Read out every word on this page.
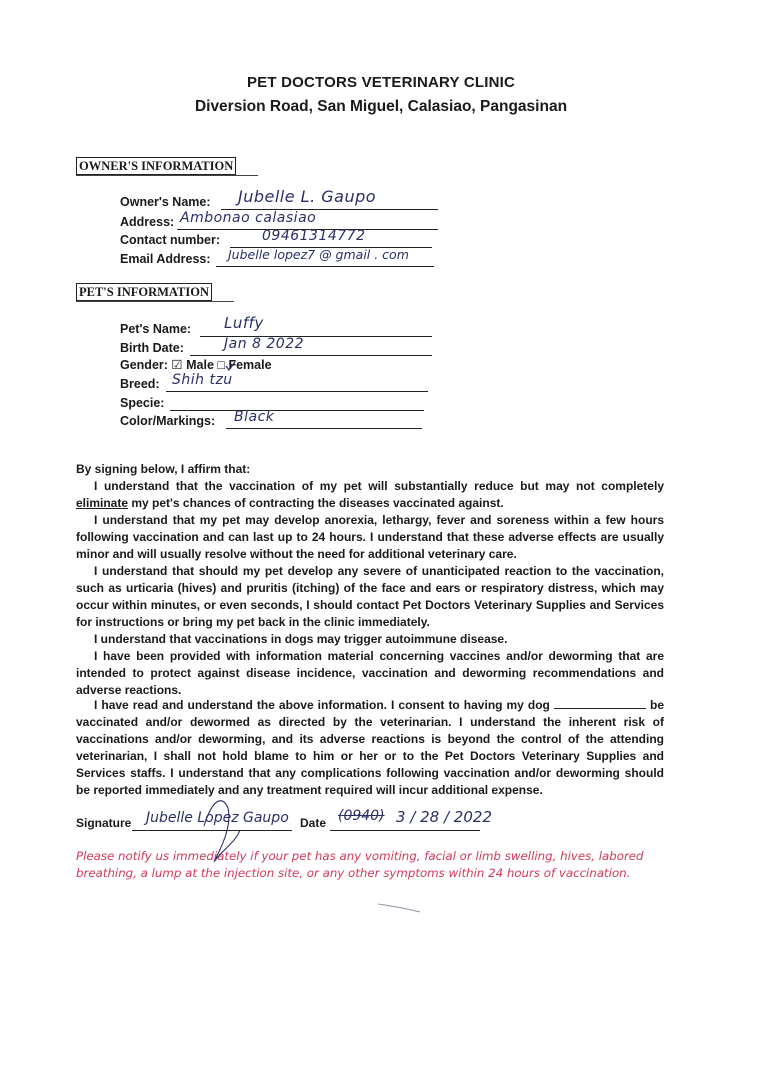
PET DOCTORS VETERINARY CLINIC
Diversion Road, San Miguel, Calasiao, Pangasinan
OWNER'S INFORMATION
Owner's Name: Jubelle L. Gaupo
Address: Ambonao calasiao
Contact number:	09461314772
Email Address: Jubelle lopez7 @ gmail . com
PET'S INFORMATION
Pet's Name: Luffy
Birth Date:	Jan 8 2022
Gender: ☑ Male □ Female
Breed: Shih tzu
Specie:
Color/Markings: Black
By signing below, I affirm that:
I understand that the vaccination of my pet will substantially reduce but may not completely eliminate my pet's chances of contracting the diseases vaccinated against.
I understand that my pet may develop anorexia, lethargy, fever and soreness within a few hours following vaccination and can last up to 24 hours. I understand that these adverse effects are usually minor and will usually resolve without the need for additional veterinary care.
I understand that should my pet develop any severe of unanticipated reaction to the vaccination, such as urticaria (hives) and pruritis (itching) of the face and ears or respiratory distress, which may occur within minutes, or even seconds, I should contact Pet Doctors Veterinary Supplies and Services for instructions or bring my pet back in the clinic immediately.
I understand that vaccinations in dogs may trigger autoimmune disease.
I have been provided with information material concerning vaccines and/or deworming that are intended to protect against disease incidence, vaccination and deworming recommendations and adverse reactions.
I have read and understand the above information. I consent to having my dog	be vaccinated and/or dewormed as directed by the veterinarian. I understand the inherent risk of vaccinations and/or deworming, and its adverse reactions is beyond the control of the attending veterinarian, I shall not hold blame to him or her or to the Pet Doctors Veterinary Supplies and Services staffs. I understand that any complications following vaccination and/or deworming should be reported immediately and any treatment required will incur additional expense.
Signature Jubelle Lopez Gaupo Date (0940) 3 / 28 / 2022
Please notify us immediately if your pet has any vomiting, facial or limb swelling, hives, labored breathing, a lump at the injection site, or any other symptoms within 24 hours of vaccination.
